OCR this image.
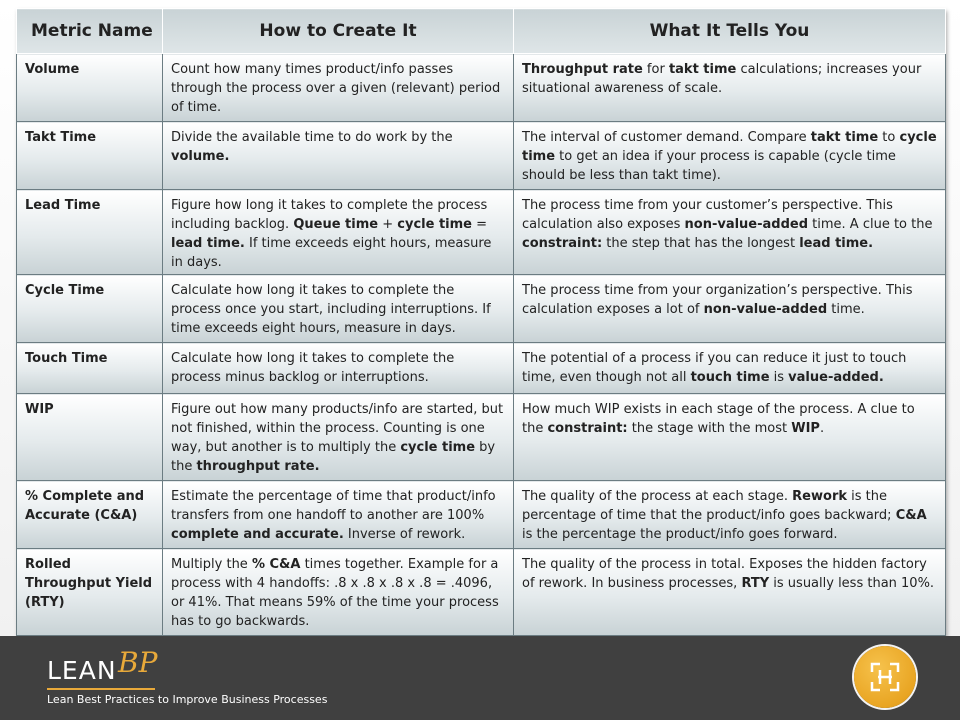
Metric Name	How to Create It	What It Tells You
Volume	Count how many times product/info passes through the process over a given (relevant) period of time.	Throughput rate for takt time calculations; increases your situational awareness of scale.
Takt Time	Divide the available time to do work by the volume.	The interval of customer demand. Compare takt time to cycle time to get an idea if your process is capable (cycle time should be less than takt time).
Lead Time	Figure how long it takes to complete the process including backlog. Queue time + cycle time = lead time. If time exceeds eight hours, measure in days.	The process time from your customer’s perspective. This calculation also exposes non-value-added time. A clue to the constraint: the step that has the longest lead time.
Cycle Time	Calculate how long it takes to complete the process once you start, including interruptions. If time exceeds eight hours, measure in days.	The process time from your organization’s perspective. This calculation exposes a lot of non-value-added time.
Touch Time	Calculate how long it takes to complete the process minus backlog or interruptions.	The potential of a process if you can reduce it just to touch time, even though not all touch time is value-added.
WIP	Figure out how many products/info are started, but not finished, within the process. Counting is one way, but another is to multiply the cycle time by the throughput rate.	How much WIP exists in each stage of the process. A clue to the constraint: the stage with the most WIP.
% Complete and Accurate (C&A)	Estimate the percentage of time that product/info transfers from one handoff to another are 100% complete and accurate. Inverse of rework.	The quality of the process at each stage. Rework is the percentage of time that the product/info goes backward; C&A is the percentage the product/info goes forward.
Rolled Throughput Yield (RTY)	Multiply the % C&A times together. Example for a process with 4 handoffs: .8 x .8 x .8 x .8 = .4096, or 41%. That means 59% of the time your process has to go backwards.	The quality of the process in total. Exposes the hidden factory of rework. In business processes, RTY is usually less than 10%.
LEAN BP
Lean Best Practices to Improve Business Processes
